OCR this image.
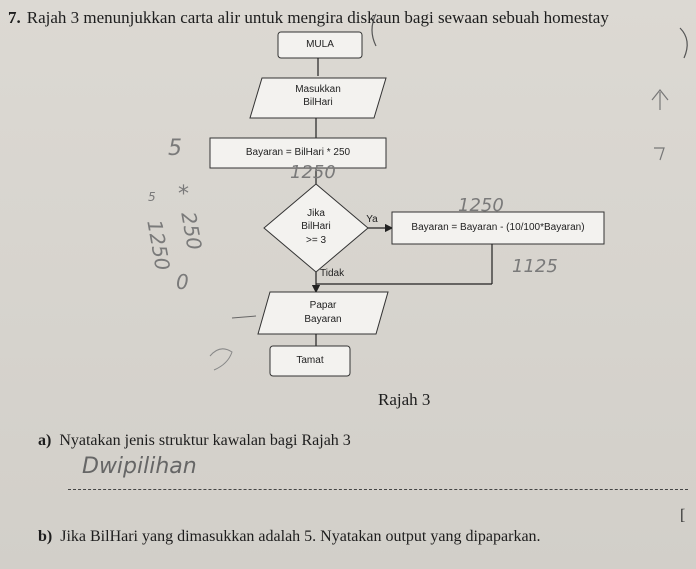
7. Rajah 3 menunjukkan carta alir untuk mengira diskaun bagi sewaan sebuah homestay
MULA
Masukkan
BilHari
Bayaran = BilHari * 250
Jika
BilHari
>= 3
Ya
Tidak
Bayaran = Bayaran - (10/100*Bayaran)
Papar
Bayaran
Tamat
1250
1250
1125
5
*
250
1250
0
5
Rajah 3
a) Nyatakan jenis struktur kawalan bagi Rajah 3
Dwipilihan
[
b) Jika BilHari yang dimasukkan adalah 5. Nyatakan output yang dipaparkan.
